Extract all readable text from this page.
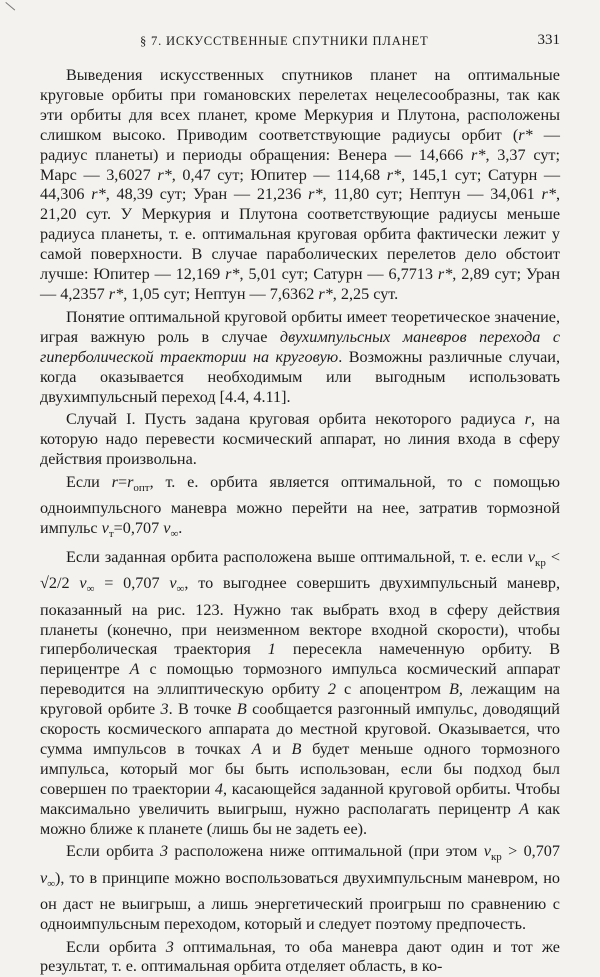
§ 7. ИСКУССТВЕННЫЕ СПУТНИКИ ПЛАНЕТ	331

Выведения искусственных спутников планет на оптимальные круговые орбиты при гомановских перелетах нецелесообразны, так как эти орбиты для всех планет, кроме Меркурия и Плутона, расположены слишком высоко. Приводим соответствующие радиусы орбит (r* — радиус планеты) и периоды обращения: Венера — 14,666 r*, 3,37 сут; Марс — 3,6027 r*, 0,47 сут; Юпитер — 114,68 r*, 145,1 сут; Сатурн — 44,306 r*, 48,39 сут; Уран — 21,236 r*, 11,80 сут; Нептун — 34,061 r*, 21,20 сут. У Меркурия и Плутона соответствующие радиусы меньше радиуса планеты, т. е. оптимальная круговая орбита фактически лежит у самой поверхности. В случае параболических перелетов дело обстоит лучше: Юпитер — 12,169 r*, 5,01 сут; Сатурн — 6,7713 r*, 2,89 сут; Уран — 4,2357 r*, 1,05 сут; Нептун — 7,6362 r*, 2,25 сут.

Понятие оптимальной круговой орбиты имеет теоретическое значение, играя важную роль в случае двухимпульсных маневров перехода с гиперболической траектории на круговую. Возможны различные случаи, когда оказывается необходимым или выгодным использовать двухимпульсный переход [4.4, 4.11].

Случай I. Пусть задана круговая орбита некоторого радиуса r, на которую надо перевести космический аппарат, но линия входа в сферу действия произвольна.

Если $r=r_{опт}$, т. е. орбита является оптимальной, то с помощью одноимпульсного маневра можно перейти на нее, затратив тормозной импульс $v_т=0,707$ $v_\infty$.

Если заданная орбита расположена выше оптимальной, т. е. если $v_{кр} < √2/2$ $v_\infty = 0,707$ $v_\infty$, то выгоднее совершить двухимпульсный маневр, показанный на рис. 123. Нужно так выбрать вход в сферу действия планеты (конечно, при неизменном векторе входной скорости), чтобы гиперболическая траектория 1 пересекла намеченную орбиту. В перицентре A с помощью тормозного импульса космический аппарат переводится на эллиптическую орбиту 2 с апоцентром B, лежащим на круговой орбите 3. В точке B сообщается разгонный импульс, доводящий скорость космического аппарата до местной круговой. Оказывается, что сумма импульсов в точках A и B будет меньше одного тормозного импульса, который мог бы быть использован, если бы подход был совершен по траектории 4, касающейся заданной круговой орбиты. Чтобы максимально увеличить выигрыш, нужно располагать перицентр A как можно ближе к планете (лишь бы не задеть ее).

Если орбита 3 расположена ниже оптимальной (при этом $v_{кр} > 0,707$ $v_\infty$), то в принципе можно воспользоваться двухимпульсным маневром, но он даст не выигрыш, а лишь энергетический проигрыш по сравнению с одноимпульсным переходом, который и следует поэтому предпочесть.

Если орбита 3 оптимальная, то оба маневра дают один и тот же результат, т. е. оптимальная орбита отделяет область, в ко-
